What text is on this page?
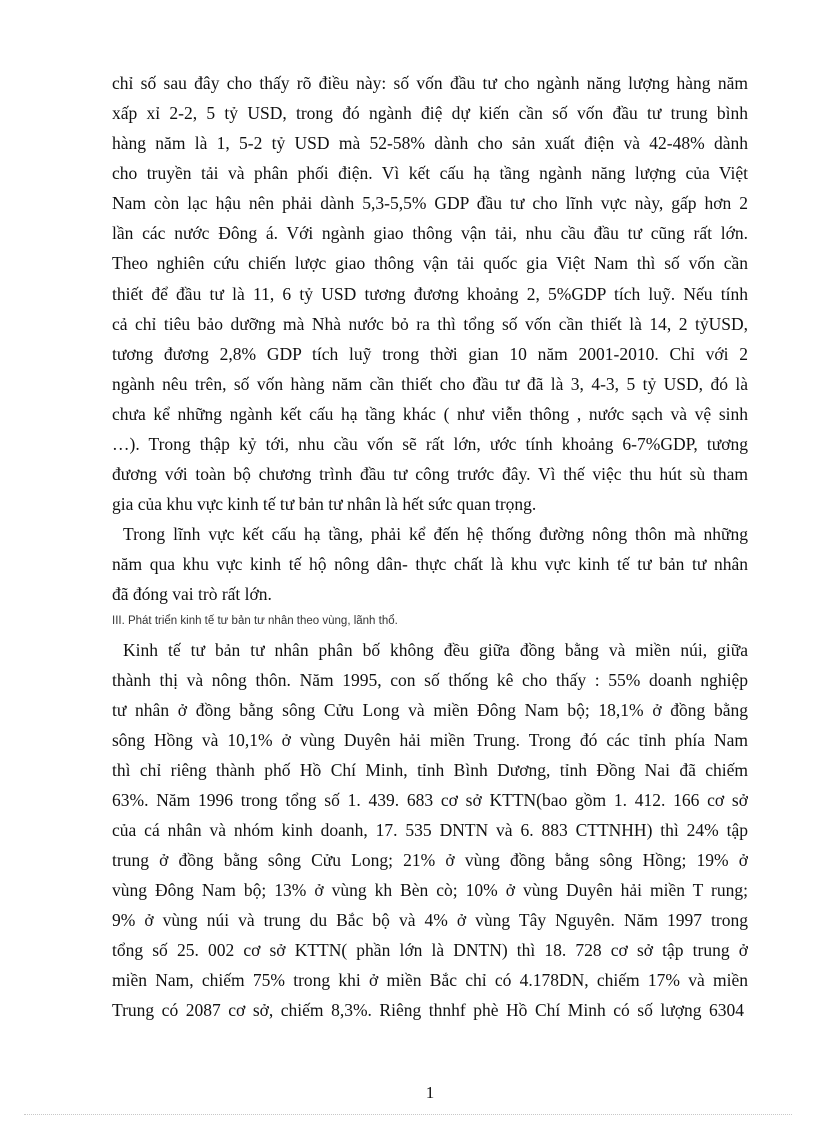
chỉ số sau đây cho thấy rõ điều này: số vốn đầu tư cho ngành năng lượng hàng năm
xấp xỉ 2-2, 5 tỷ USD, trong đó ngành điệ dự kiến cần số vốn đầu tư trung bình
hàng năm là 1, 5-2 tỷ USD mà 52-58% dành cho sản xuất điện và 42-48% dành
cho truyền tải và phân phối điện. Vì kết cấu hạ tầng ngành năng lượng của Việt
Nam còn lạc hậu nên phải dành 5,3-5,5% GDP đầu tư cho lĩnh vực này, gấp hơn 2
lần các nước Đông á. Với ngành giao thông vận tải, nhu cầu đầu tư cũng rất lớn.
Theo nghiên cứu chiến lược giao thông vận tải quốc gia Việt Nam thì số vốn cần
thiết để đầu tư là 11, 6 tỷ USD tương đương khoảng 2, 5%GDP tích luỹ. Nếu tính
cả chỉ tiêu bảo dưỡng mà Nhà nước bỏ ra thì tổng số vốn cần thiết là 14, 2 tỷUSD,
tương đương 2,8% GDP tích luỹ trong thời gian 10 năm 2001-2010. Chỉ với 2
ngành nêu trên, số vốn hàng năm cần thiết cho đầu tư đã là 3, 4-3, 5 tỷ USD, đó là
chưa kể những ngành kết cấu hạ tầng khác ( như viễn thông , nước sạch và vệ sinh
…). Trong thập kỷ tới, nhu cầu vốn sẽ rất lớn, ước tính khoảng 6-7%GDP, tương
đương với toàn bộ chương trình đầu tư công trước đây. Vì thế việc thu hút sù tham
gia của khu vực kinh tế tư bản tư nhân là hết sức quan trọng.
Trong lĩnh vực kết cấu hạ tầng, phải kể đến hệ thống đường nông thôn mà những
năm qua khu vực kinh tế hộ nông dân- thực chất là khu vực kinh tế tư bản tư nhân
đã đóng vai trò rất lớn.
III. Phát triển kinh tế tư bản tư nhân theo vùng, lãnh thổ.
Kinh tế tư bản tư nhân phân bố không đều giữa đồng bằng và miền núi, giữa
thành thị và nông thôn. Năm 1995, con số thống kê cho thấy : 55% doanh nghiệp
tư nhân ở đồng bằng sông Cửu Long và miền Đông Nam bộ; 18,1% ở đồng bằng
sông Hồng và 10,1% ở vùng Duyên hải miền Trung. Trong đó các tỉnh phía Nam
thì chỉ riêng thành phố Hồ Chí Minh, tỉnh Bình Dương, tỉnh Đồng Nai đã chiếm
63%. Năm 1996 trong tổng số 1. 439. 683 cơ sở KTTN(bao gồm 1. 412. 166 cơ sở
của cá nhân và nhóm kinh doanh, 17. 535 DNTN và 6. 883 CTTNHH) thì 24% tập
trung ở đồng bằng sông Cửu Long; 21% ở vùng đồng bằng sông Hồng; 19% ở
vùng Đông Nam bộ; 13% ở vùng kh Bèn cò; 10% ở vùng Duyên hải miền T rung;
9% ở vùng núi và trung du Bắc bộ và 4% ở vùng Tây Nguyên. Năm 1997 trong
tổng số 25. 002 cơ sở KTTN( phần lớn là DNTN) thì 18. 728 cơ sở tập trung ở
miền Nam, chiếm 75% trong khi ở miền Bắc chỉ có 4.178DN, chiếm 17% và miền
Trung có 2087 cơ sở, chiếm 8,3%. Riêng thnhf phè Hồ Chí Minh có số lượng 6304
1
